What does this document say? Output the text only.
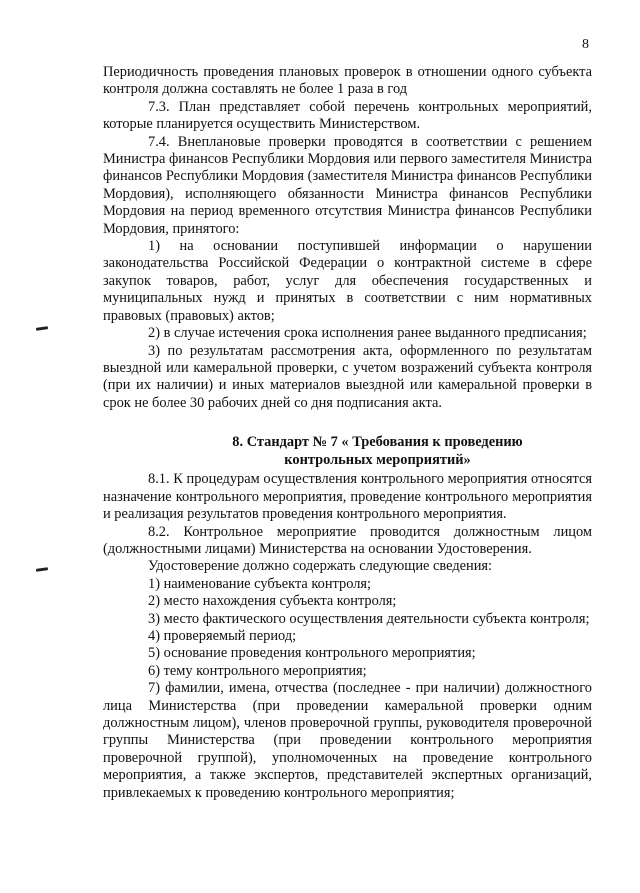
8

Периодичность проведения плановых проверок в отношении одного субъекта контроля должна составлять не более 1 раза в год

7.3. План представляет собой перечень контрольных мероприятий, которые планируется осуществить Министерством.

7.4. Внеплановые проверки проводятся в соответствии с решением Министра финансов Республики Мордовия или первого заместителя Министра финансов Республики Мордовия (заместителя Министра финансов Республики Мордовия), исполняющего обязанности Министра финансов Республики Мордовия на период временного отсутствия Министра финансов Республики Мордовия, принятого:

1) на основании поступившей информации о нарушении законодательства Российской Федерации о контрактной системе в сфере закупок товаров, работ, услуг для обеспечения государственных и муниципальных нужд и принятых в соответствии с ним нормативных правовых (правовых) актов;

2) в случае истечения срока исполнения ранее выданного предписания;

3) по результатам рассмотрения акта, оформленного по результатам выездной или камеральной проверки, с учетом возражений субъекта контроля (при их наличии) и иных материалов выездной или камеральной проверки в срок не более 30 рабочих дней со дня подписания акта.

8. Стандарт № 7 « Требования к проведению
контрольных мероприятий»

8.1. К процедурам осуществления контрольного мероприятия относятся назначение контрольного мероприятия, проведение контрольного мероприятия и реализация результатов проведения контрольного мероприятия.

8.2. Контрольное мероприятие проводится должностным лицом (должностными лицами) Министерства на основании Удостоверения.

Удостоверение должно содержать следующие сведения:

1) наименование субъекта контроля;

2) место нахождения субъекта контроля;

3) место фактического осуществления деятельности субъекта контроля;

4) проверяемый период;

5) основание проведения контрольного мероприятия;

6) тему контрольного мероприятия;

7) фамилии, имена, отчества (последнее - при наличии) должностного лица Министерства (при проведении камеральной проверки одним должностным лицом), членов проверочной группы, руководителя проверочной группы Министерства (при проведении контрольного мероприятия проверочной группой), уполномоченных на проведение контрольного мероприятия, а также экспертов, представителей экспертных организаций, привлекаемых к проведению контрольного мероприятия;
